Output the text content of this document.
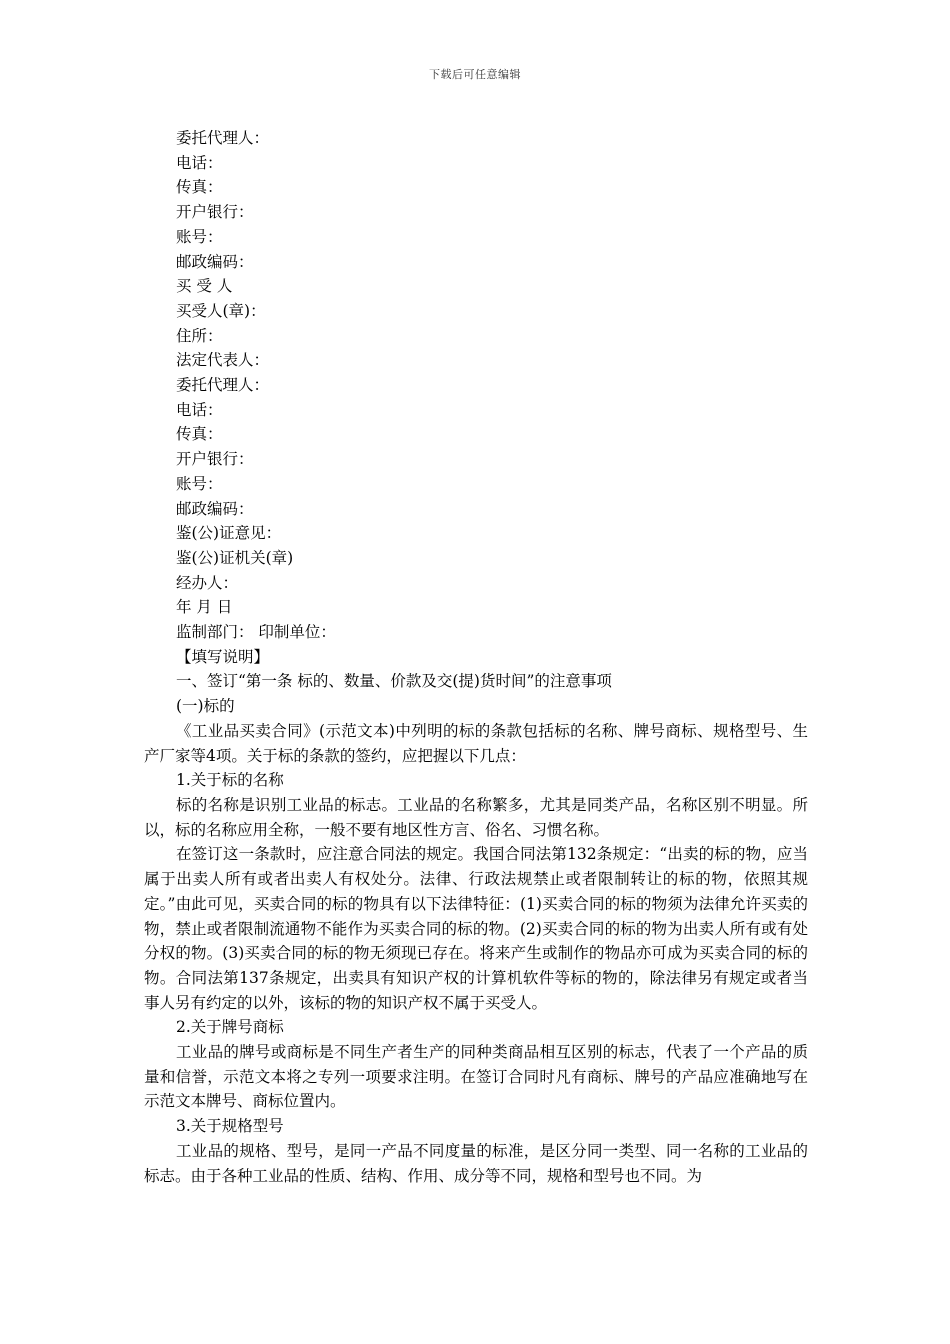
下载后可任意编辑

委托代理人：

电话：

传真：

开户银行：

账号：

邮政编码：

买 受 人

买受人(章)：

住所：

法定代表人：

委托代理人：

电话：

传真：

开户银行：

账号：

邮政编码：

鉴(公)证意见：

鉴(公)证机关(章)

经办人：

年 月 日

监制部门： 印制单位：

【填写说明】

一、签订“第一条 标的、数量、价款及交(提)货时间”的注意事项

(一)标的

《工业品买卖合同》(示范文本)中列明的标的条款包括标的名称、牌号商标、规格型号、生产厂家等4项。关于标的条款的签约，应把握以下几点：

1.关于标的名称

标的名称是识别工业品的标志。工业品的名称繁多，尤其是同类产品，名称区别不明显。所以，标的名称应用全称，一般不要有地区性方言、俗名、习惯名称。

在签订这一条款时，应注意合同法的规定。我国合同法第132条规定：“出卖的标的物，应当属于出卖人所有或者出卖人有权处分。法律、行政法规禁止或者限制转让的标的物，依照其规定。”由此可见，买卖合同的标的物具有以下法律特征：(1)买卖合同的标的物须为法律允许买卖的物，禁止或者限制流通物不能作为买卖合同的标的物。(2)买卖合同的标的物为出卖人所有或有处分权的物。(3)买卖合同的标的物无须现已存在。将来产生或制作的物品亦可成为买卖合同的标的物。合同法第137条规定，出卖具有知识产权的计算机软件等标的物的，除法律另有规定或者当事人另有约定的以外，该标的物的知识产权不属于买受人。

2.关于牌号商标

工业品的牌号或商标是不同生产者生产的同种类商品相互区别的标志，代表了一个产品的质量和信誉，示范文本将之专列一项要求注明。在签订合同时凡有商标、牌号的产品应准确地写在示范文本牌号、商标位置内。

3.关于规格型号

工业品的规格、型号，是同一产品不同度量的标准，是区分同一类型、同一名称的工业品的标志。由于各种工业品的性质、结构、作用、成分等不同，规格和型号也不同。为
